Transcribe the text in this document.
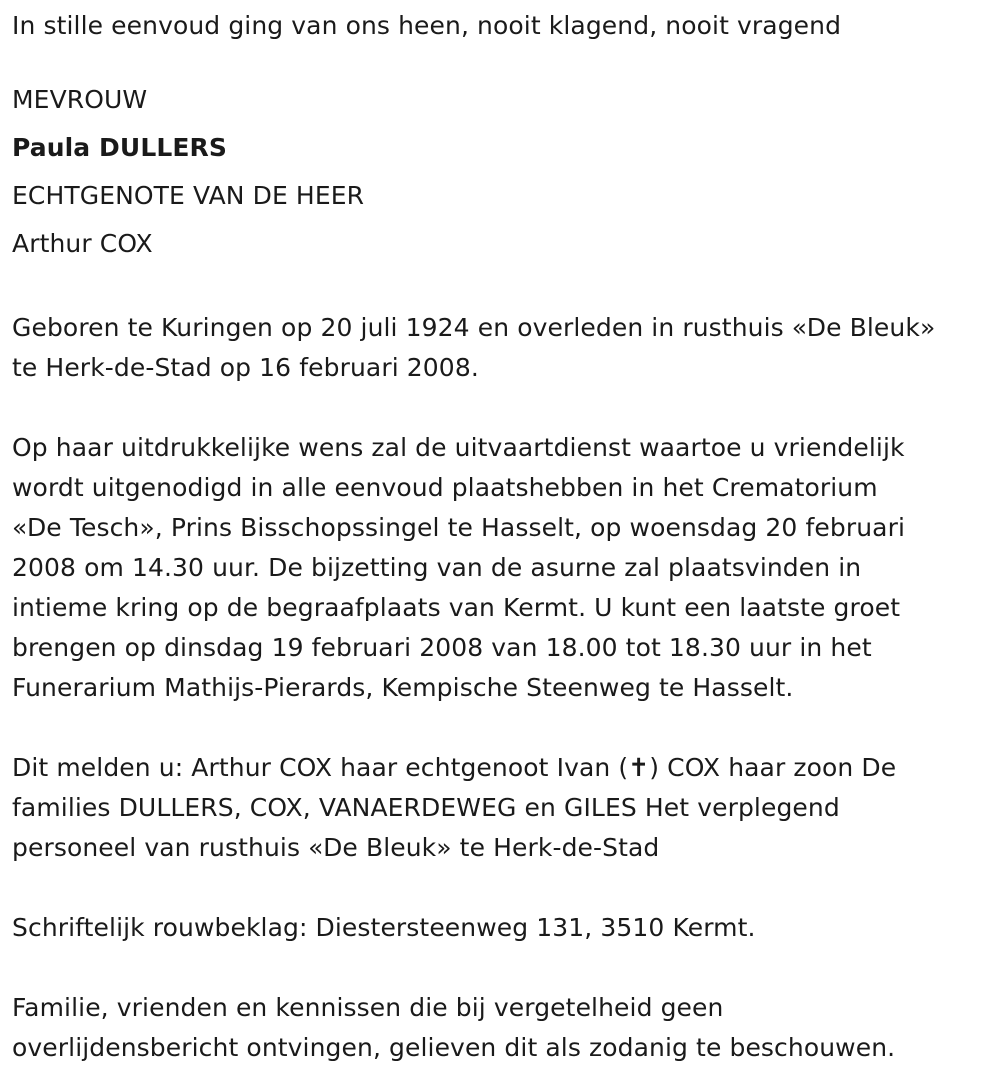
In stille eenvoud ging van ons heen, nooit klagend, nooit vragend

MEVROUW

Paula DULLERS

ECHTGENOTE VAN DE HEER

Arthur COX

Geboren te Kuringen op 20 juli 1924 en overleden in rusthuis «De Bleuk»

te Herk-de-Stad op 16 februari 2008.

Op haar uitdrukkelijke wens zal de uitvaartdienst waartoe u vriendelijk

wordt uitgenodigd in alle eenvoud plaatshebben in het Crematorium

«De Tesch», Prins Bisschopssingel te Hasselt, op woensdag 20 februari

2008 om 14.30 uur. De bijzetting van de asurne zal plaatsvinden in

intieme kring op de begraafplaats van Kermt. U kunt een laatste groet

brengen op dinsdag 19 februari 2008 van 18.00 tot 18.30 uur in het

Funerarium Mathijs-Pierards, Kempische Steenweg te Hasselt.

Dit melden u: Arthur COX haar echtgenoot Ivan (✝) COX haar zoon De

families DULLERS, COX, VANAERDEWEG en GILES Het verplegend

personeel van rusthuis «De Bleuk» te Herk-de-Stad

Schriftelijk rouwbeklag: Diestersteenweg 131, 3510 Kermt.

Familie, vrienden en kennissen die bij vergetelheid geen

overlijdensbericht ontvingen, gelieven dit als zodanig te beschouwen.
